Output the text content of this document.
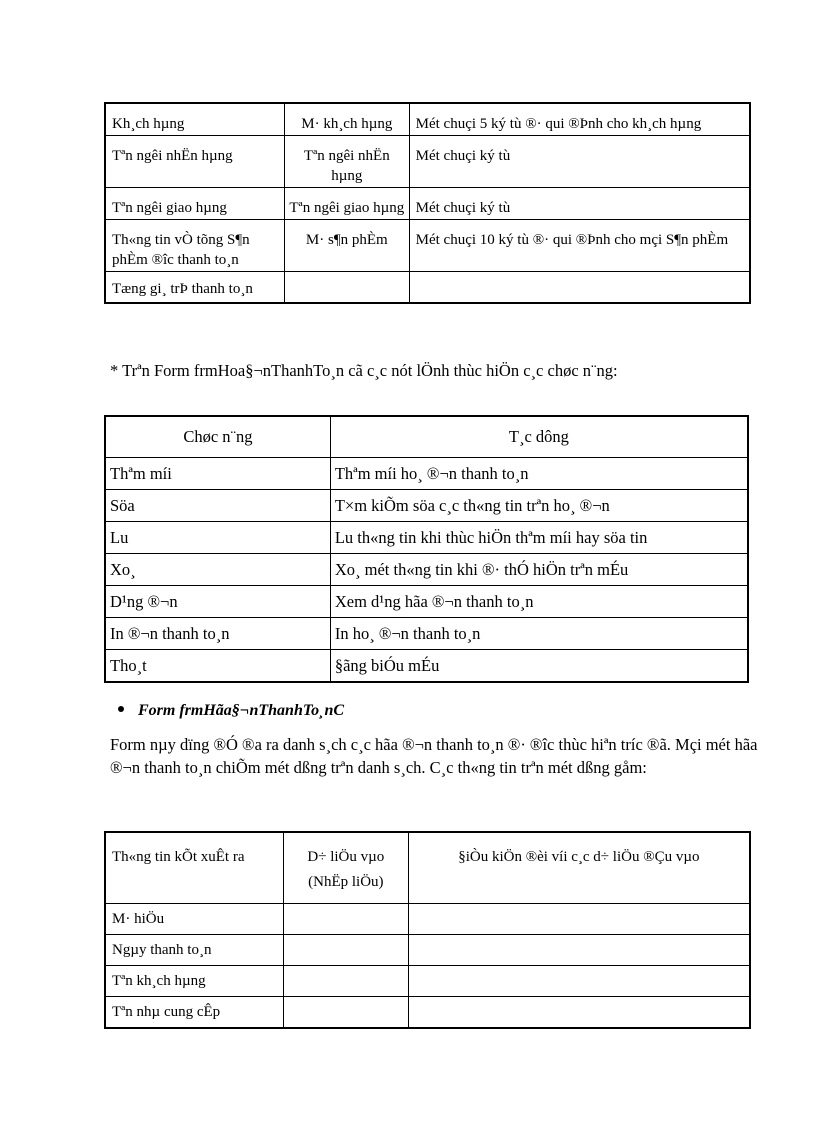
Kh¸ch hµng	M· kh¸ch hµng	Mét chuçi 5 ký tù ®· qui ®Þnh cho kh¸ch hµng
Tªn ngêi nhËn hµng	Tªn ngêi nhËn hµng	Mét chuçi ký tù
Tªn ngêi giao hµng	Tªn ngêi giao hµng	Mét chuçi ký tù
Th«ng tin vÒ tõng S¶n phÈm ®îc thanh to¸n	M· s¶n phÈm	Mét chuçi 10 ký tù ®· qui ®Þnh cho mçi S¶n phÈm
Tæng gi¸ trÞ thanh to¸n		

* Trªn Form frmHoa§¬nThanhTo¸n cã c¸c nót lÖnh thùc hiÖn c¸c chøc n¨ng:

Chøc n¨ng	T¸c dông
Thªm míi	Thªm míi ho¸ ®¬n thanh to¸n
Söa	T×m kiÕm söa c¸c th«ng tin trªn ho¸ ®¬n
Lu	Lu th«ng tin khi thùc hiÖn thªm míi hay söa tin
Xo¸	Xo¸ mét th«ng tin khi ®· thÓ hiÖn trªn mÉu
D¹ng ®¬n	Xem d¹ng hãa ®¬n thanh to¸n
In ®¬n thanh to¸n	In ho¸ ®¬n thanh to¸n
Tho¸t	§ãng biÓu mÉu
Form frmHãa§¬nThanhTo¸nC

Form nµy dïng ®Ó ®a ra danh s¸ch c¸c hãa ®¬n thanh to¸n ®· ®îc thùc hiªn tríc ®ã. Mçi mét hãa ®¬n thanh to¸n chiÕm mét dßng trªn danh s¸ch. C¸c th«ng tin trªn mét dßng gåm:

Th«ng tin kÕt xuÊt ra	D÷ liÖu vµo (NhËp liÖu)	§iÒu kiÖn ®èi víi c¸c d÷ liÖu ®Çu vµo
M· hiÖu		
Ngµy thanh to¸n		
Tªn kh¸ch hµng		
Tªn nhµ cung cÊp		
